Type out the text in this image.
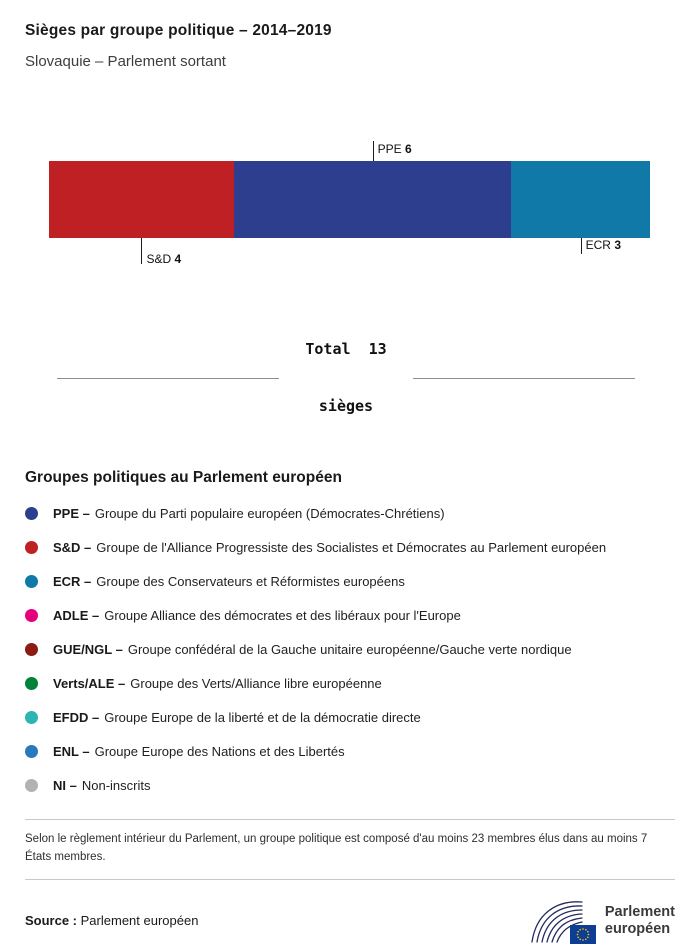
Sièges par groupe politique – 2014–2019
Slovaquie – Parlement sortant
S&D 4
PPE 6
ECR 3

Total  13

sièges

Groupes politiques au Parlement européen
PPE – Groupe du Parti populaire européen (Démocrates-Chrétiens)
S&D – Groupe de l'Alliance Progressiste des Socialistes et Démocrates au Parlement européen
ECR – Groupe des Conservateurs et Réformistes européens
ADLE – Groupe Alliance des démocrates et des libéraux pour l'Europe
GUE/NGL – Groupe confédéral de la Gauche unitaire européenne/Gauche verte nordique
Verts/ALE – Groupe des Verts/Alliance libre européenne
EFDD – Groupe Europe de la liberté et de la démocratie directe
ENL – Groupe Europe des Nations et des Libertés
NI – Non-inscrits

Selon le règlement intérieur du Parlement, un groupe politique est composé d'au moins 23 membres élus dans au moins 7 États membres.

Source : Parlement européen

Parlement
européen
